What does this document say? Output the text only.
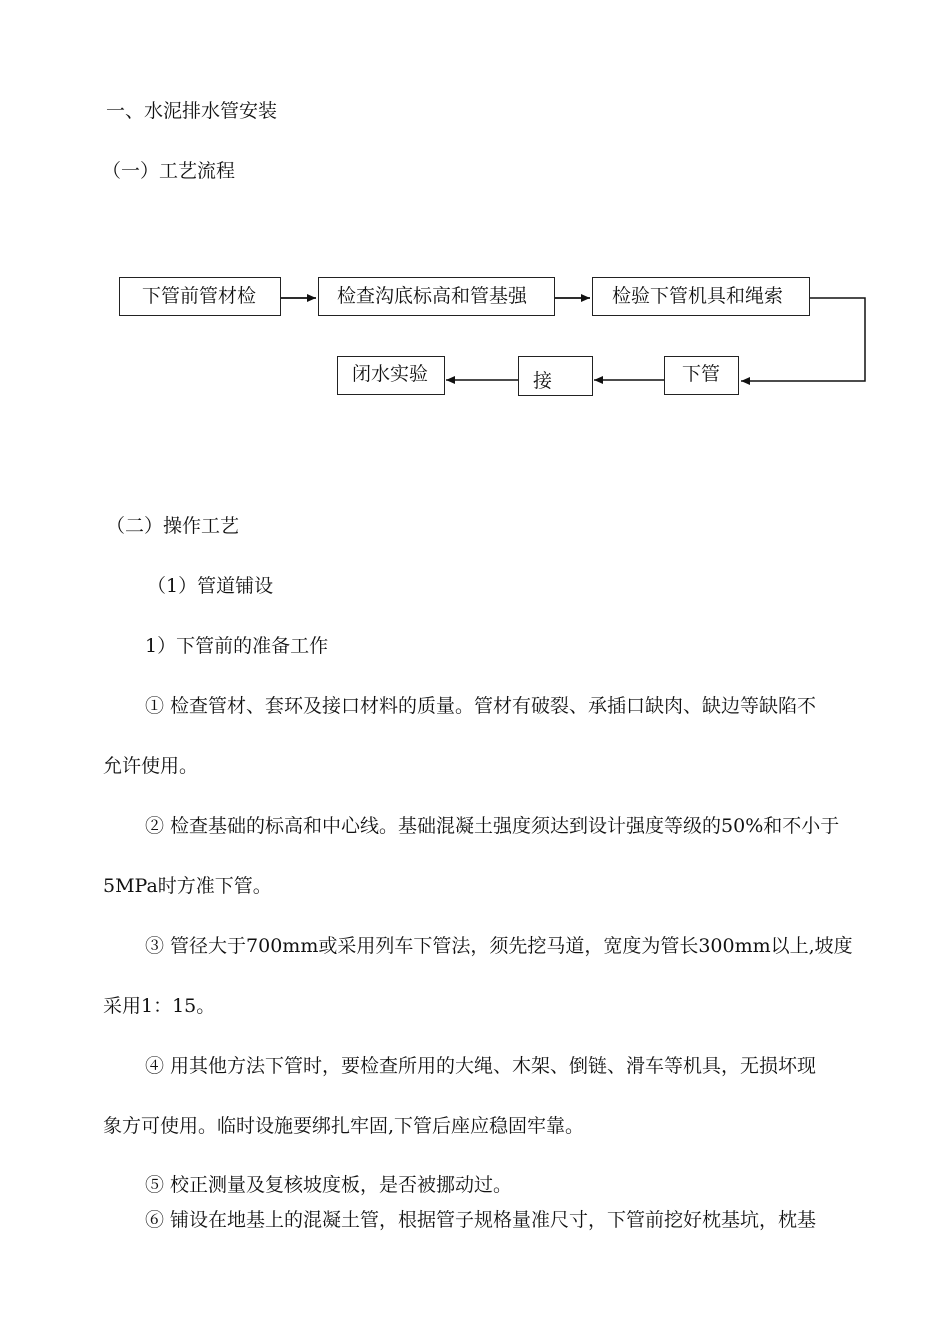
一、水泥排水管安装

（一）工艺流程

下管前管材检	检查沟底标高和管基强	检验下管机具和绳索
下管
接
闭水实验

（二）操作工艺

（1）管道铺设

1）下管前的准备工作

① 检查管材、套环及接口材料的质量。管材有破裂、承插口缺肉、缺边等缺陷不

允许使用。

② 检查基础的标高和中心线。基础混凝土强度须达到设计强度等级的50%和不小于

5MPa时方准下管。

③ 管径大于700mm或采用列车下管法，须先挖马道，宽度为管长300mm以上,坡度

采用1：15。

④ 用其他方法下管时，要检查所用的大绳、木架、倒链、滑车等机具，无损坏现

象方可使用。临时设施要绑扎牢固,下管后座应稳固牢靠。

⑤ 校正测量及复核坡度板，是否被挪动过。

⑥ 铺设在地基上的混凝土管，根据管子规格量准尺寸，下管前挖好枕基坑，枕基
